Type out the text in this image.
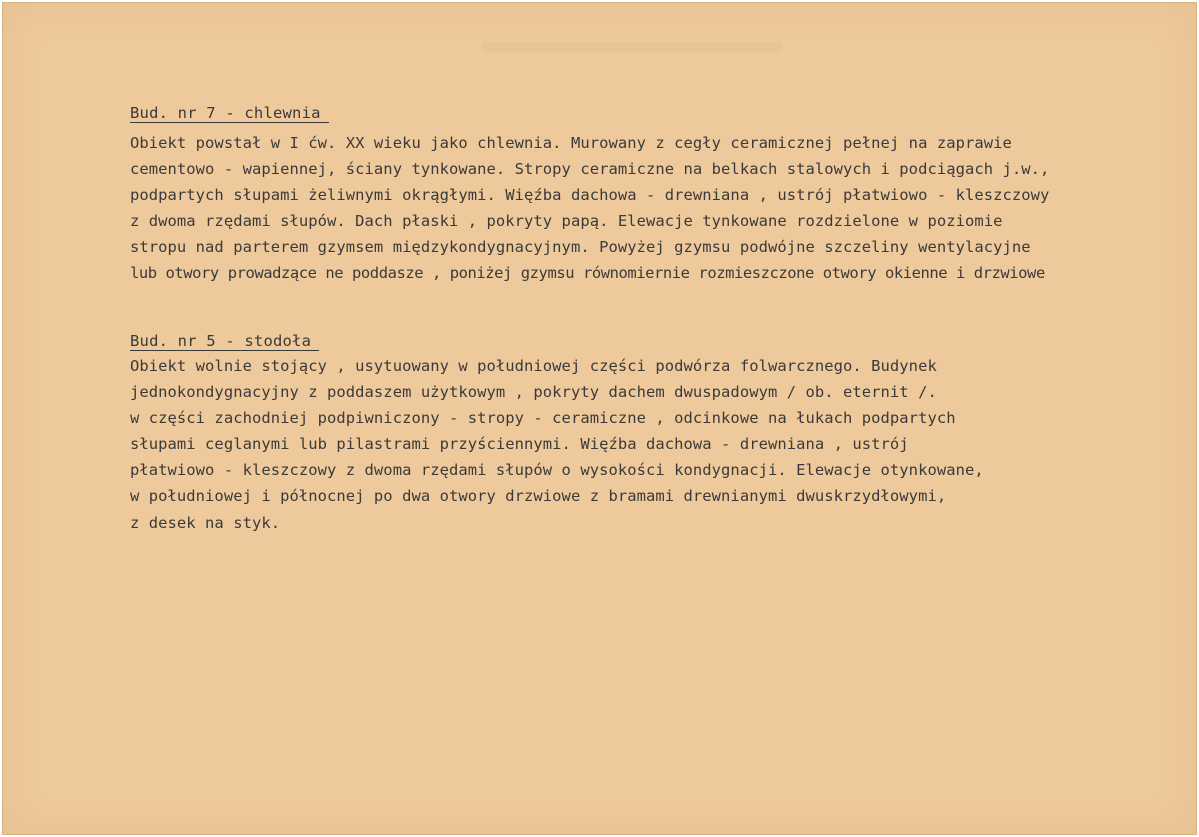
Bud. nr 7 - chlewnia
Obiekt powstał w I ćw. XX wieku jako chlewnia. Murowany z cegły ceramicznej pełnej na zaprawie
cementowo - wapiennej, ściany tynkowane. Stropy ceramiczne na belkach stalowych i podciągach j.w.,
podpartych słupami żeliwnymi okrągłymi. Więźba dachowa - drewniana , ustrój płatwiowo - kleszczowy
z dwoma rzędami słupów. Dach płaski , pokryty papą. Elewacje tynkowane rozdzielone w poziomie
stropu nad parterem gzymsem międzykondygnacyjnym. Powyżej gzymsu podwójne szczeliny wentylacyjne
lub otwory prowadzące ne poddasze , poniżej gzymsu równomiernie rozmieszczone otwory okienne i drzwiowe
Bud. nr 5 - stodoła
Obiekt wolnie stojący , usytuowany w południowej części podwórza folwarcznego. Budynek
jednokondygnacyjny z poddaszem użytkowym , pokryty dachem dwuspadowym / ob. eternit /.
w części zachodniej podpiwniczony - stropy - ceramiczne , odcinkowe na łukach podpartych
słupami ceglanymi lub pilastrami przyściennymi. Więźba dachowa - drewniana , ustrój
płatwiowo - kleszczowy z dwoma rzędami słupów o wysokości kondygnacji. Elewacje otynkowane,
w południowej i północnej po dwa otwory drzwiowe z bramami drewnianymi dwuskrzydłowymi,
z desek na styk.
